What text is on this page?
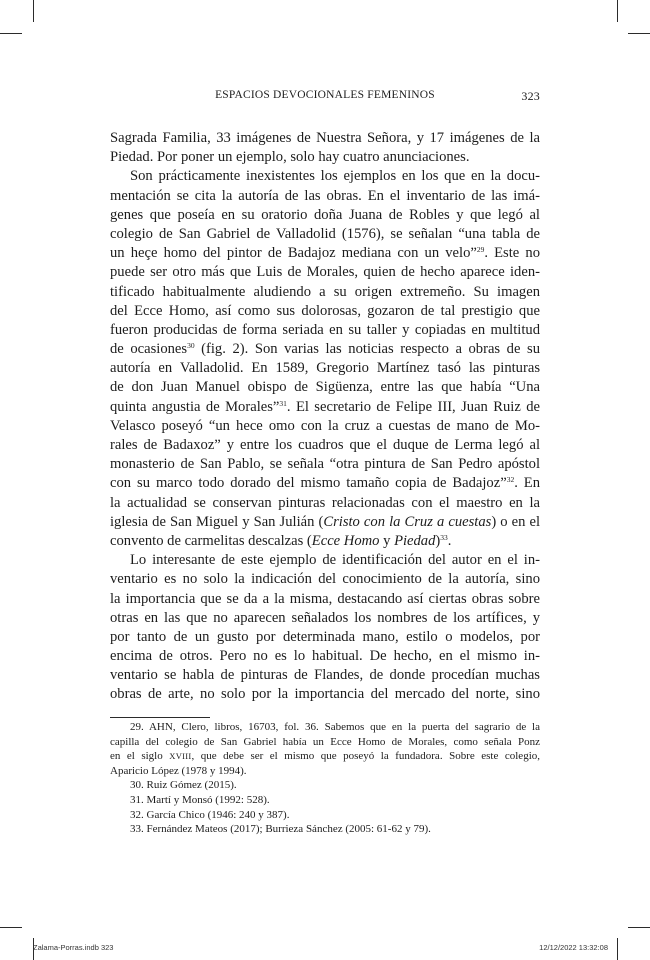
ESPACIOS DEVOCIONALES FEMENINOS	323
Sagrada Familia, 33 imágenes de Nuestra Señora, y 17 imágenes de la
Piedad. Por poner un ejemplo, solo hay cuatro anunciaciones.
Son prácticamente inexistentes los ejemplos en los que en la docu-
mentación se cita la autoría de las obras. En el inventario de las imá-
genes que poseía en su oratorio doña Juana de Robles y que legó al
colegio de San Gabriel de Valladolid (1576), se señalan “una tabla de
un heçe homo del pintor de Badajoz mediana con un velo”$^{29}$. Este no
puede ser otro más que Luis de Morales, quien de hecho aparece iden-
tificado habitualmente aludiendo a su origen extremeño. Su imagen
del Ecce Homo, así como sus dolorosas, gozaron de tal prestigio que
fueron producidas de forma seriada en su taller y copiadas en multitud
de ocasiones$^{30}$ (fig. 2). Son varias las noticias respecto a obras de su
autoría en Valladolid. En 1589, Gregorio Martínez tasó las pinturas
de don Juan Manuel obispo de Sigüenza, entre las que había “Una
quinta angustia de Morales”$^{31}$. El secretario de Felipe III, Juan Ruiz de
Velasco poseyó “un hece omo con la cruz a cuestas de mano de Mo-
rales de Badaxoz” y entre los cuadros que el duque de Lerma legó al
monasterio de San Pablo, se señala “otra pintura de San Pedro apóstol
con su marco todo dorado del mismo tamaño copia de Badajoz”$^{32}$. En
la actualidad se conservan pinturas relacionadas con el maestro en la
iglesia de San Miguel y San Julián (Cristo con la Cruz a cuestas) o en el
convento de carmelitas descalzas (Ecce Homo y Piedad)$^{33}$.
Lo interesante de este ejemplo de identificación del autor en el in-
ventario es no solo la indicación del conocimiento de la autoría, sino
la importancia que se da a la misma, destacando así ciertas obras sobre
otras en las que no aparecen señalados los nombres de los artífices, y
por tanto de un gusto por determinada mano, estilo o modelos, por
encima de otros. Pero no es lo habitual. De hecho, en el mismo in-
ventario se habla de pinturas de Flandes, de donde procedían muchas
obras de arte, no solo por la importancia del mercado del norte, sino
29. AHN, Clero, libros, 16703, fol. 36. Sabemos que en la puerta del sagrario de la
capilla del colegio de San Gabriel había un Ecce Homo de Morales, como señala Ponz
en el siglo XVIII, que debe ser el mismo que poseyó la fundadora. Sobre este colegio,
Aparicio López (1978 y 1994).
30. Ruiz Gómez (2015).
31. Martí y Monsó (1992: 528).
32. García Chico (1946: 240 y 387).
33. Fernández Mateos (2017); Burrieza Sánchez (2005: 61-62 y 79).
Zalama-Porras.indb 323	12/12/2022 13:32:08
